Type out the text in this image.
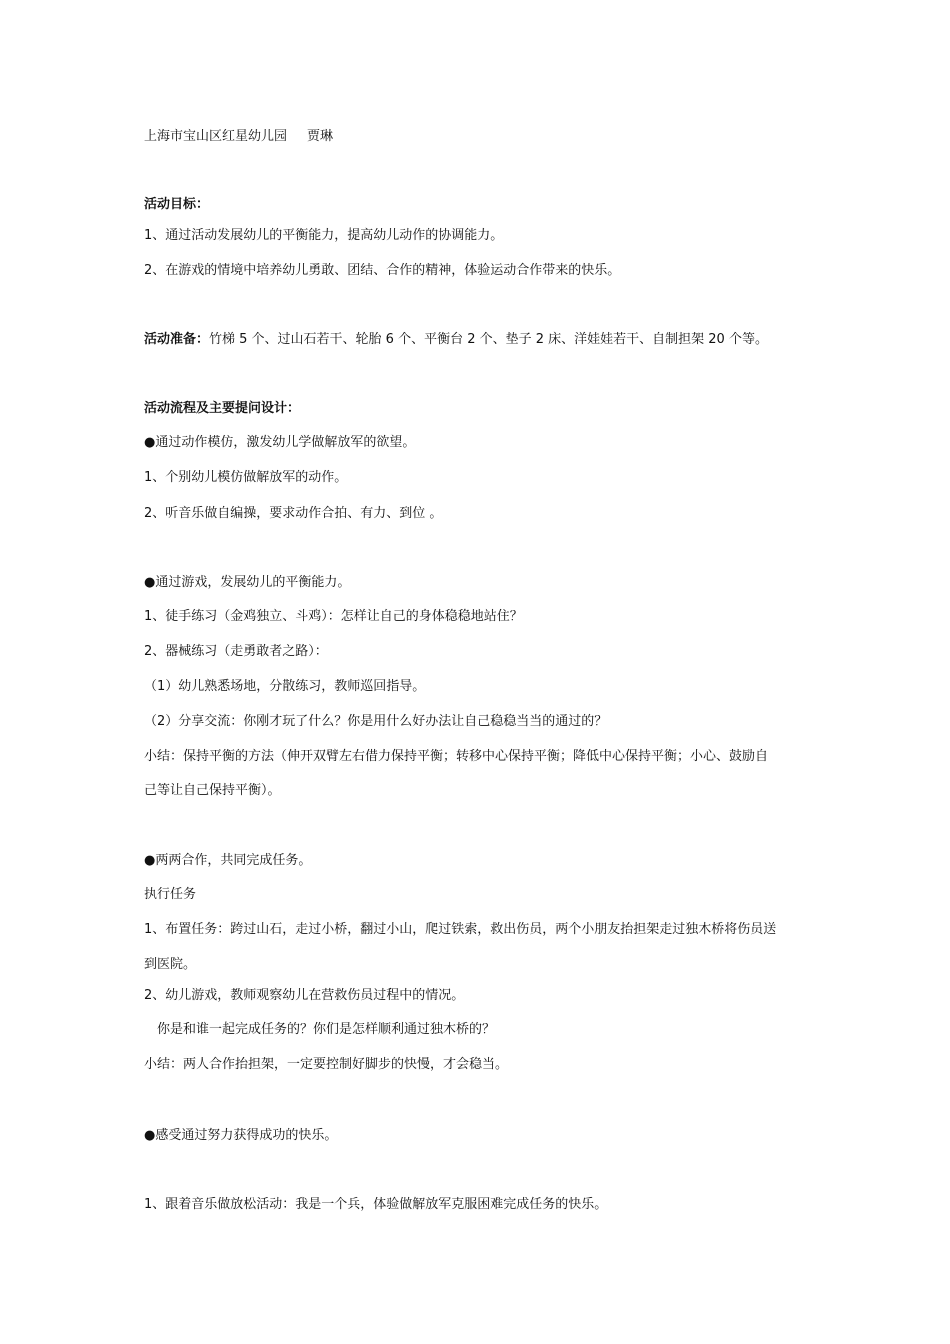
上海市宝山区红星幼儿园 贾琳
活动目标：
1、通过活动发展幼儿的平衡能力，提高幼儿动作的协调能力。
2、在游戏的情境中培养幼儿勇敢、团结、合作的精神，体验运动合作带来的快乐。
活动准备：竹梯 5 个、过山石若干、轮胎 6 个、平衡台 2 个、垫子 2 床、洋娃娃若干、自制担架 20 个等。
活动流程及主要提问设计：
●通过动作模仿，激发幼儿学做解放军的欲望。
1、个别幼儿模仿做解放军的动作。
2、听音乐做自编操，要求动作合拍、有力、到位 。
●通过游戏，发展幼儿的平衡能力。
1、徒手练习（金鸡独立、斗鸡）：怎样让自己的身体稳稳地站住？
2、器械练习（走勇敢者之路）：
（1）幼儿熟悉场地，分散练习，教师巡回指导。
（2）分享交流：你刚才玩了什么？你是用什么好办法让自己稳稳当当的通过的？
小结：保持平衡的方法（伸开双臂左右借力保持平衡；转移中心保持平衡；降低中心保持平衡；小心、鼓励自
己等让自己保持平衡）。
●两两合作，共同完成任务。
执行任务
1、布置任务：跨过山石，走过小桥，翻过小山，爬过铁索，救出伤员，两个小朋友抬担架走过独木桥将伤员送
到医院。
2、幼儿游戏，教师观察幼儿在营救伤员过程中的情况。
　你是和谁一起完成任务的？你们是怎样顺利通过独木桥的？
小结：两人合作抬担架，一定要控制好脚步的快慢，才会稳当。
●感受通过努力获得成功的快乐。
1、跟着音乐做放松活动：我是一个兵，体验做解放军克服困难完成任务的快乐。
